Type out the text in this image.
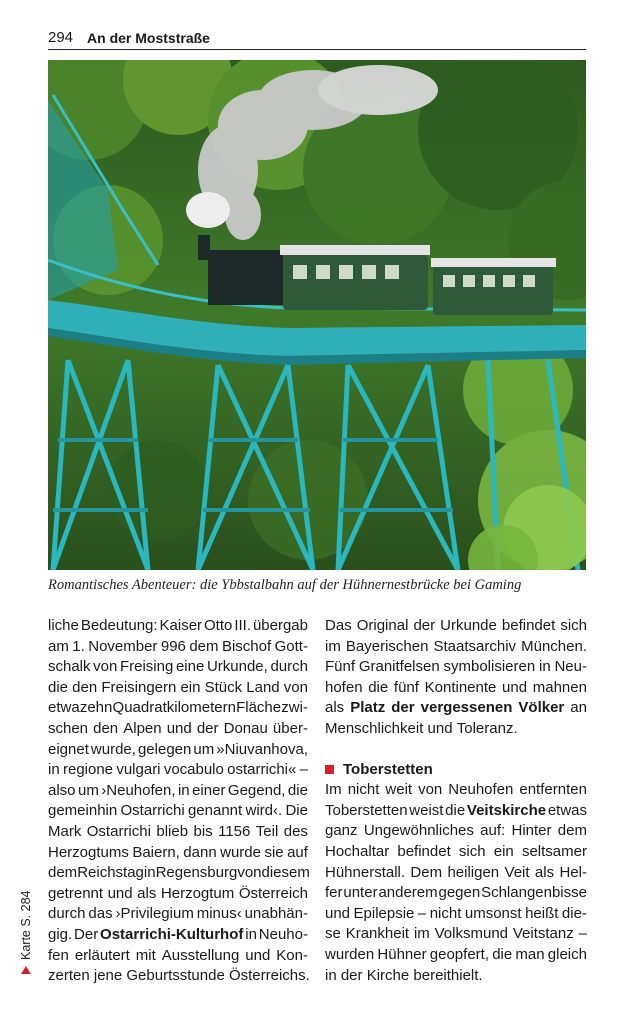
294 An der Moststraße
Romantisches Abenteuer: die Ybbstalbahn auf der Hühnernestbrücke bei Gaming
liche Bedeutung: Kaiser Otto III. übergab
am 1. November 996 dem Bischof Gott-
schalk von Freising eine Urkunde, durch
die den Freisingern ein Stück Land von
etwa zehn Quadratkilometern Fläche zwi-
schen den Alpen und der Donau über-
eignet wurde, gelegen um »Niuvanhova,
in regione vulgari vocabulo ostarrichi« –
also um ›Neuhofen, in einer Gegend, die
gemeinhin Ostarrichi genannt wird‹. Die
Mark Ostarrichi blieb bis 1156 Teil des
Herzogtums Baiern, dann wurde sie auf
dem Reichstag in Regensburg von diesem
getrennt und als Herzogtum Österreich
durch das ›Privilegium minus‹ unabhän-
gig. Der Ostarrichi-Kulturhof in Neuho-
fen erläutert mit Ausstellung und Kon-
zerten jene Geburtsstunde Österreichs.
Das Original der Urkunde befindet sich
im Bayerischen Staatsarchiv München.
Fünf Granitfelsen symbolisieren in Neu-
hofen die fünf Kontinente und mahnen
als Platz der vergessenen Völker an
Menschlichkeit und Toleranz.
Toberstetten
Im nicht weit von Neuhofen entfernten
Toberstetten weist die Veitskirche etwas
ganz Ungewöhnliches auf: Hinter dem
Hochaltar befindet sich ein seltsamer
Hühnerstall. Dem heiligen Veit als Hel-
fer unter anderem gegen Schlangenbisse
und Epilepsie – nicht umsonst heißt die-
se Krankheit im Volksmund Veitstanz –
wurden Hühner geopfert, die man gleich
in der Kirche bereithielt.
Karte S. 284
